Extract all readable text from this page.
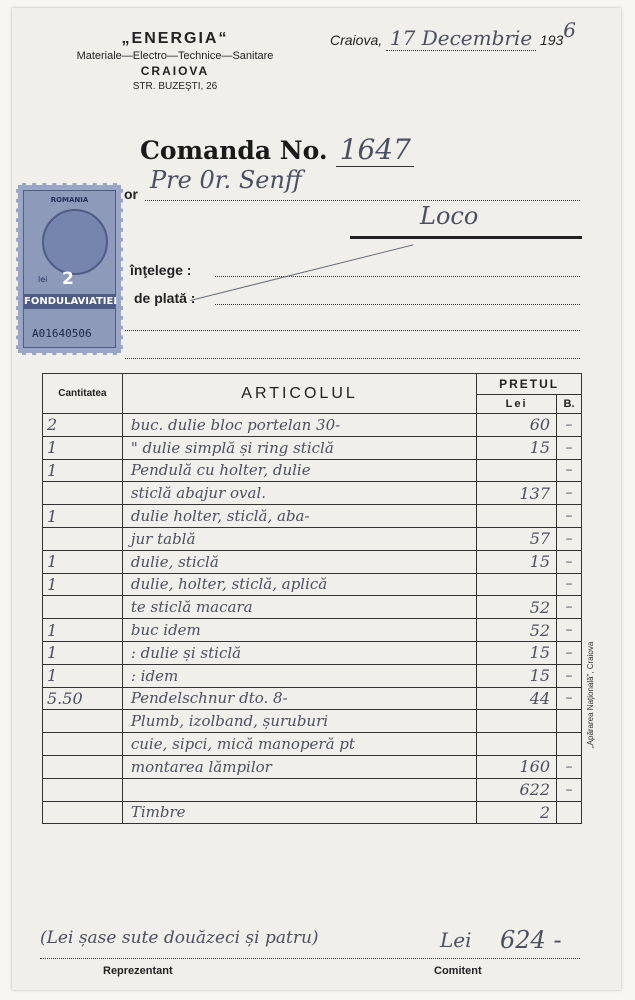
„ENERGIA“
Materiale—Electro—Technice—Sanitare
CRAIOVA
STR. BUZEŞTI, 26
Craiova, 17 Decembrie 1936
Comanda No. 1647
or Pre 0r. Senff
Loco
înţelege :
de plată :
ROMANIA
lei 2
FONDULAVIATIEI
A01640506
Cantitatea	ARTICOLUL	PRETUL	
		Lei	B.
2	buc. dulie bloc portelan 30-	60	–
1	" dulie simplă și ring sticlă	15	–
1	Pendulă cu holter, dulie		–
	sticlă abajur oval.	137	–
1	dulie holter, sticlă, aba-		–
	jur tablă	57	–
1	dulie, sticlă	15	–
1	dulie, holter, sticlă, aplică		–
	te sticlă macara	52	–
1	buc idem	52	–
1	: dulie și sticlă	15	–
1	: idem	15	–
5.50	Pendelschnur dto. 8-	44	–
	Plumb, izolband, șuruburi		
	cuie, sipci, mică manoperă pt		
	montarea lămpilor	160	–
		622	–
	Timbre	2	
„Apărarea Naţională”, Craiova
(Lei șase sute douăzeci și patru)	Lei 624 -
Reprezentant	Comitent
